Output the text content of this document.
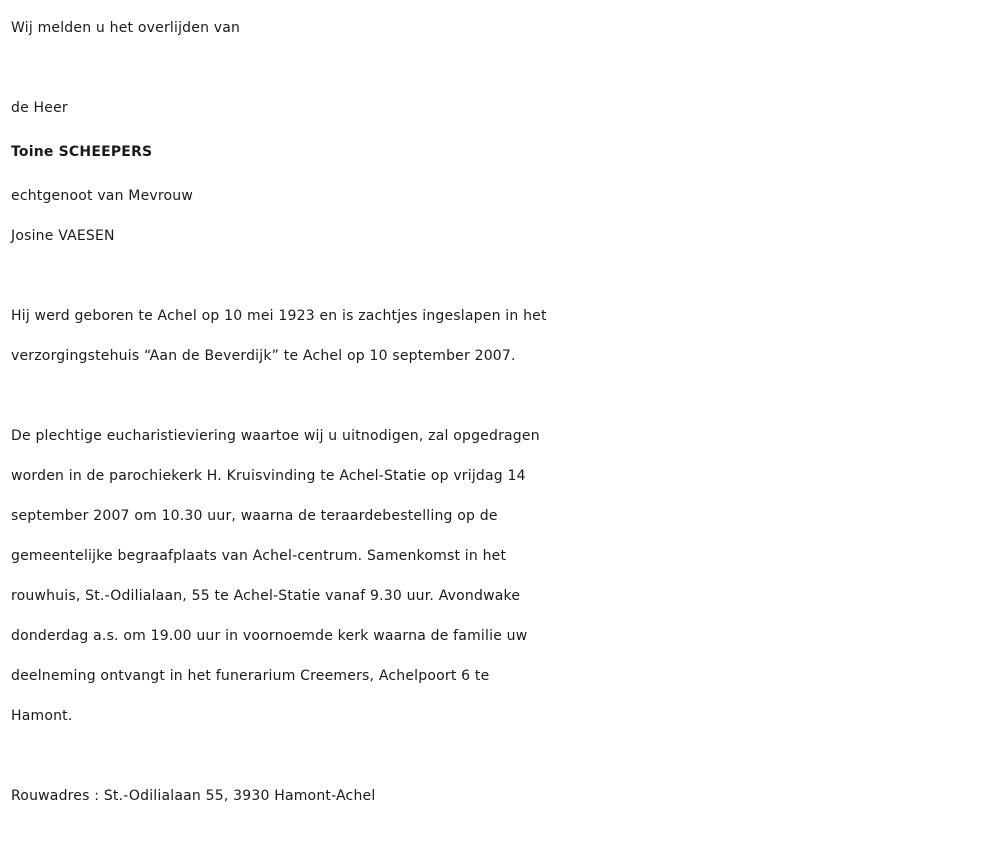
Wij melden u het overlijden van
de Heer
Toine SCHEEPERS
echtgenoot van Mevrouw
Josine VAESEN
Hij werd geboren te Achel op 10 mei 1923 en is zachtjes ingeslapen in het
verzorgingstehuis “Aan de Beverdijk” te Achel op 10 september 2007.
De plechtige eucharistieviering waartoe wij u uitnodigen, zal opgedragen
worden in de parochiekerk H. Kruisvinding te Achel-Statie op vrijdag 14
september 2007 om 10.30 uur, waarna de teraardebestelling op de
gemeentelijke begraafplaats van Achel-centrum. Samenkomst in het
rouwhuis, St.-Odilialaan, 55 te Achel-Statie vanaf 9.30 uur. Avondwake
donderdag a.s. om 19.00 uur in voornoemde kerk waarna de familie uw
deelneming ontvangt in het funerarium Creemers, Achelpoort 6 te
Hamont.
Rouwadres : St.-Odilialaan 55, 3930 Hamont-Achel
